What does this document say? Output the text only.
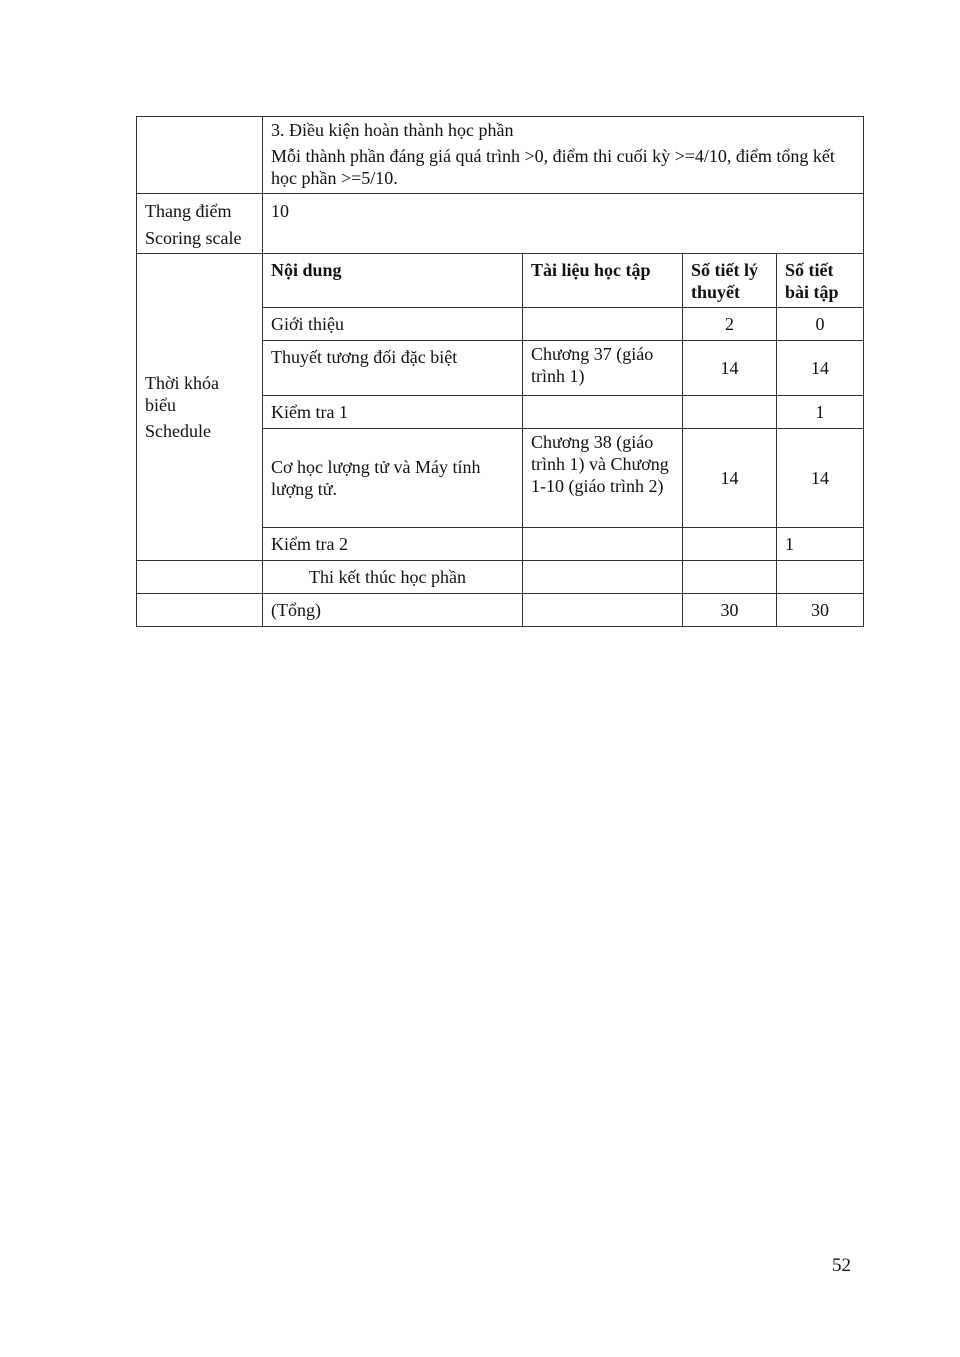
	3. Điều kiện hoàn thành học phần
Mỗi thành phần đáng giá quá trình >0, điểm thi cuối kỳ >=4/10, điểm tổng kết học phần >=5/10.			

Thang điểm
Scoring scale	10			

Thời khóa
biểu
Schedule	Nội dung	Tài liệu học tập	Số tiết lý thuyết	Số tiết bài tập
	Giới thiệu		2	0
	Thuyết tương đối đặc biệt	Chương 37 (giáo trình 1)	14	14
	Kiểm tra 1			1
	Cơ học lượng tử và Máy tính lượng tử.	Chương 38 (giáo trình 1) và Chương 1-10 (giáo trình 2)	14	14
	Kiểm tra 2			1
	Thi kết thúc học phần			
	(Tổng)		30	30
52
